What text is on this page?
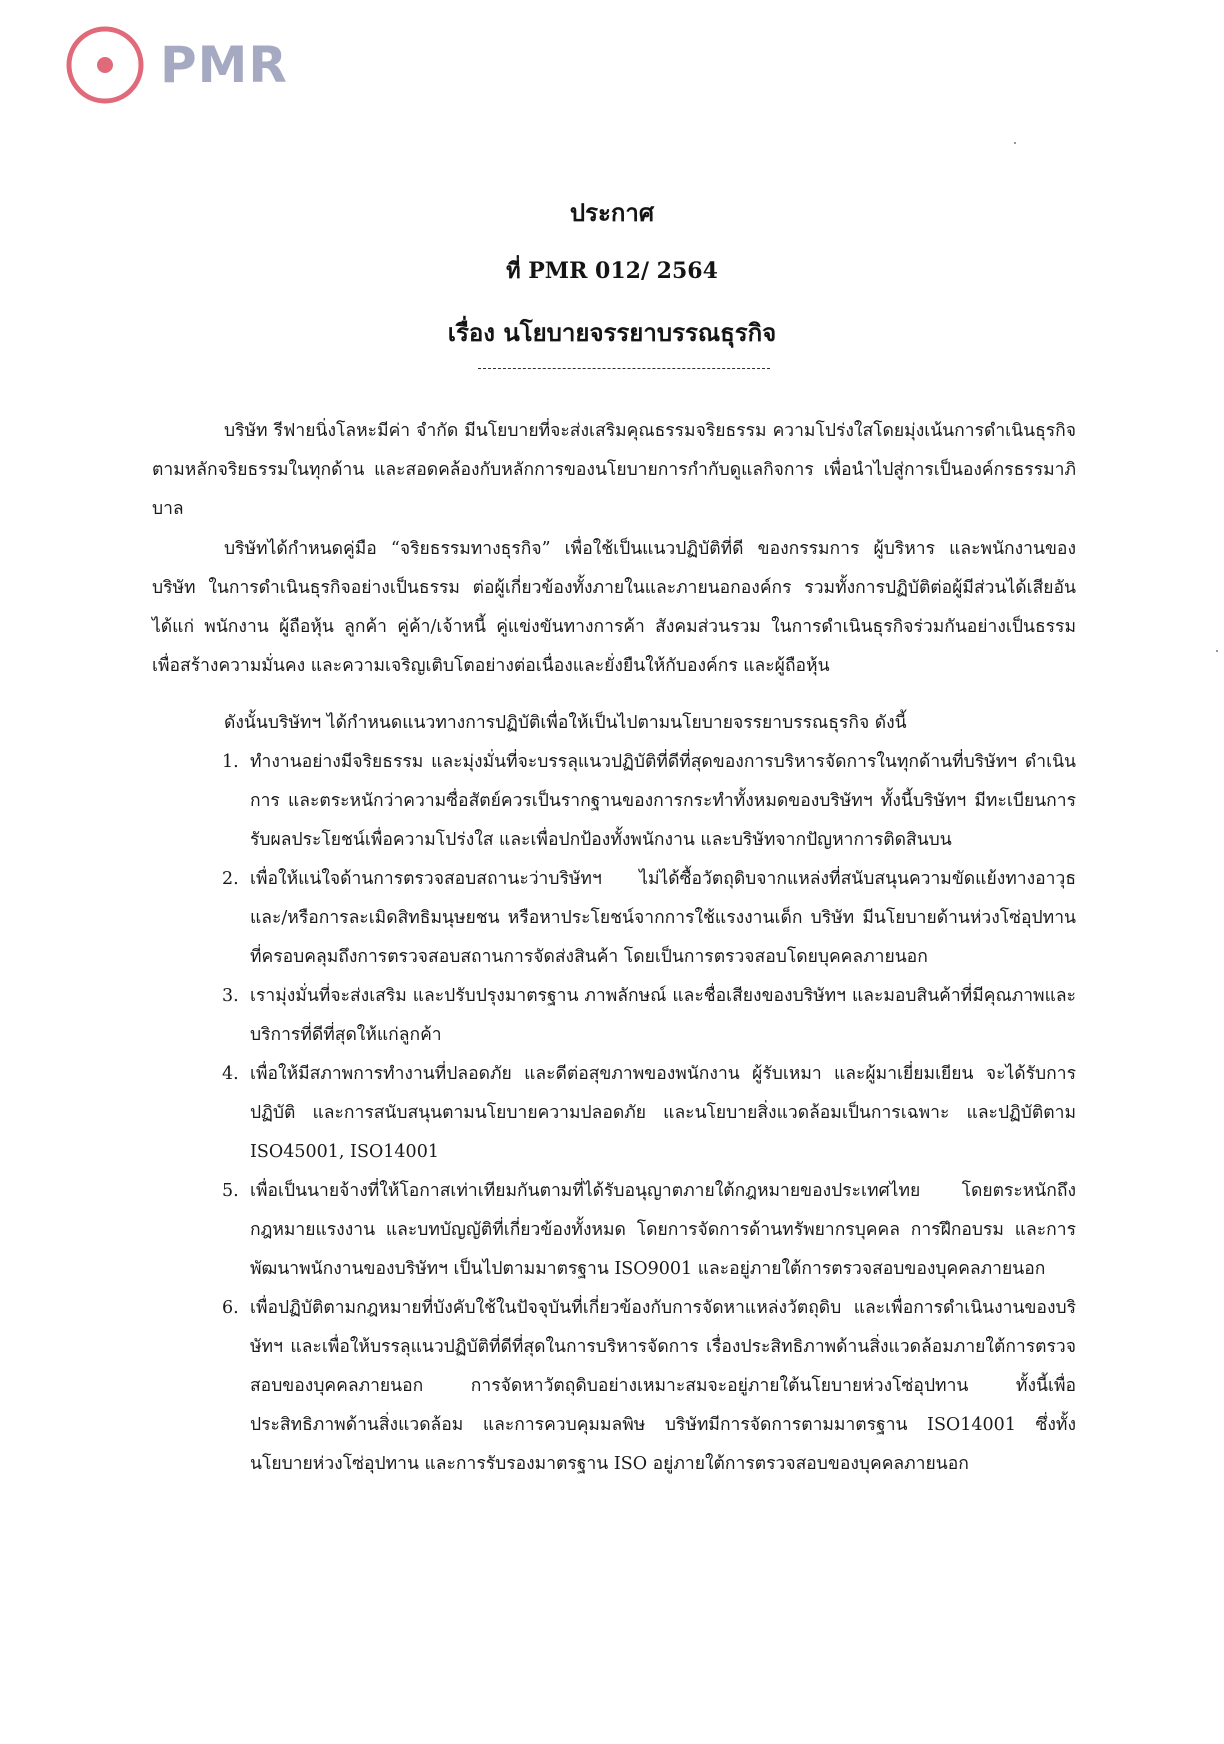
PMR
ประกาศ
ที่ PMR 012/ 2564
เรื่อง นโยบายจรรยาบรรณธุรกิจ

บริษัท รีฟายนิ่งโลหะมีค่า จำกัด มีนโยบายที่จะส่งเสริมคุณธรรมจริยธรรม ความโปร่งใสโดยมุ่งเน้นการดำเนินธุรกิจตามหลักจริยธรรมในทุกด้าน และสอดคล้องกับหลักการของนโยบายการกำกับดูแลกิจการ เพื่อนำไปสู่การเป็นองค์กรธรรมาภิบาล

บริษัทได้กำหนดคู่มือ “จริยธรรมทางธุรกิจ” เพื่อใช้เป็นแนวปฏิบัติที่ดี ของกรรมการ ผู้บริหาร และพนักงานของบริษัท ในการดำเนินธุรกิจอย่างเป็นธรรม ต่อผู้เกี่ยวข้องทั้งภายในและภายนอกองค์กร รวมทั้งการปฏิบัติต่อผู้มีส่วนได้เสียอันได้แก่ พนักงาน ผู้ถือหุ้น ลูกค้า คู่ค้า/เจ้าหนี้ คู่แข่งขันทางการค้า สังคมส่วนรวม ในการดำเนินธุรกิจร่วมกันอย่างเป็นธรรม เพื่อสร้างความมั่นคง และความเจริญเติบโตอย่างต่อเนื่องและยั่งยืนให้กับองค์กร และผู้ถือหุ้น

ดังนั้นบริษัทฯ ได้กำหนดแนวทางการปฏิบัติเพื่อให้เป็นไปตามนโยบายจรรยาบรรณธุรกิจ ดังนี้

1. ทำงานอย่างมีจริยธรรม และมุ่งมั่นที่จะบรรลุแนวปฏิบัติที่ดีที่สุดของการบริหารจัดการในทุกด้านที่บริษัทฯ ดำเนินการ และตระหนักว่าความซื่อสัตย์ควรเป็นรากฐานของการกระทำทั้งหมดของบริษัทฯ ทั้งนี้บริษัทฯ มีทะเบียนการรับผลประโยชน์เพื่อความโปร่งใส และเพื่อปกป้องทั้งพนักงาน และบริษัทจากปัญหาการติดสินบน
2. เพื่อให้แน่ใจด้านการตรวจสอบสถานะว่าบริษัทฯ ไม่ได้ซื้อวัตถุดิบจากแหล่งที่สนับสนุนความขัดแย้งทางอาวุธ และ/หรือการละเมิดสิทธิมนุษยชน หรือหาประโยชน์จากการใช้แรงงานเด็ก บริษัท มีนโยบายด้านห่วงโซ่อุปทานที่ครอบคลุมถึงการตรวจสอบสถานการจัดส่งสินค้า โดยเป็นการตรวจสอบโดยบุคคลภายนอก
3. เรามุ่งมั่นที่จะส่งเสริม และปรับปรุงมาตรฐาน ภาพลักษณ์ และชื่อเสียงของบริษัทฯ และมอบสินค้าที่มีคุณภาพและบริการที่ดีที่สุดให้แก่ลูกค้า
4. เพื่อให้มีสภาพการทำงานที่ปลอดภัย และดีต่อสุขภาพของพนักงาน ผู้รับเหมา และผู้มาเยี่ยมเยียน จะได้รับการปฏิบัติ และการสนับสนุนตามนโยบายความปลอดภัย และนโยบายสิ่งแวดล้อมเป็นการเฉพาะ และปฏิบัติตาม ISO45001, ISO14001
5. เพื่อเป็นนายจ้างที่ให้โอกาสเท่าเทียมกันตามที่ได้รับอนุญาตภายใต้กฎหมายของประเทศไทย โดยตระหนักถึงกฎหมายแรงงาน และบทบัญญัติที่เกี่ยวข้องทั้งหมด โดยการจัดการด้านทรัพยากรบุคคล การฝึกอบรม และการพัฒนาพนักงานของบริษัทฯ เป็นไปตามมาตรฐาน ISO9001 และอยู่ภายใต้การตรวจสอบของบุคคลภายนอก
6. เพื่อปฏิบัติตามกฎหมายที่บังคับใช้ในปัจจุบันที่เกี่ยวข้องกับการจัดหาแหล่งวัตถุดิบ และเพื่อการดำเนินงานของบริษัทฯ และเพื่อให้บรรลุแนวปฏิบัติที่ดีที่สุดในการบริหารจัดการ เรื่องประสิทธิภาพด้านสิ่งแวดล้อมภายใต้การตรวจสอบของบุคคลภายนอก การจัดหาวัตถุดิบอย่างเหมาะสมจะอยู่ภายใต้นโยบายห่วงโซ่อุปทาน ทั้งนี้เพื่อประสิทธิภาพด้านสิ่งแวดล้อม และการควบคุมมลพิษ บริษัทมีการจัดการตามมาตรฐาน ISO14001 ซึ่งทั้งนโยบายห่วงโซ่อุปทาน และการรับรองมาตรฐาน ISO อยู่ภายใต้การตรวจสอบของบุคคลภายนอก
